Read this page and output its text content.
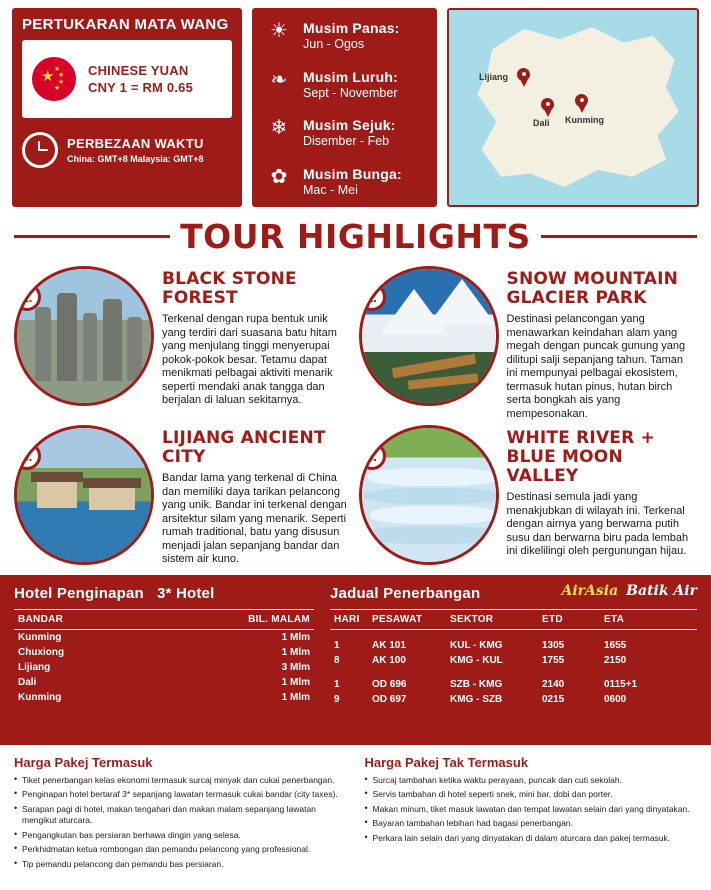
PERTUKARAN MATA WANG
★ ★
★
★
★
CHINESE YUAN
CNY 1 = RM 0.65
PERBEZAAN WAKTU
China: GMT+8 Malaysia: GMT+8
☀ Musim Panas:
Jun - Ogos
❧	Musim Luruh:
Sept - November
❄	Musim Sejuk:
Disember - Feb
✿	Musim Bunga:
Mac - Mei
Lijiang
Dali Kunming
TOUR HIGHLIGHTS
1.
BLACK STONE FOREST
Terkenal dengan rupa bentuk unik yang terdiri dari suasana batu hitam yang menjulang tinggi menyerupai pokok-pokok besar. Tetamu dapat menikmati pelbagai aktiviti menarik seperti mendaki anak tangga dan berjalan di laluan sekitarnya.
2.
SNOW MOUNTAIN GLACIER PARK
Destinasi pelancongan yang menawarkan keindahan alam yang megah dengan puncak gunung yang dilitupi salji sepanjang tahun. Taman ini mempunyai pelbagai ekosistem, termasuk hutan pinus, hutan birch serta bongkah ais yang mempesonakan.
3.
LIJIANG ANCIENT CITY
Bandar lama yang terkenal di China dan memiliki daya tarikan pelancong yang unik. Bandar ini terkenal dengan arsitektur silam yang menarik. Seperti rumah traditional, batu yang disusun menjadi jalan sepanjang bandar dan sistem air kuno.
4.
WHITE RIVER + BLUE MOON VALLEY
Destinasi semula jadi yang menakjubkan di wilayah ini. Terkenal dengan airnya yang berwarna putih susu dan berwarna biru pada lembah ini dikelilingi oleh pergunungan hijau.
Hotel Penginapan 3* Hotel
BANDAR	BIL. MALAM
Kunming	1 Mlm
Chuxiong	1 Mlm
Lijiang	3 Mlm
Dali	1 Mlm
Kunming	1 Mlm
Jadual Penerbangan	AirAsia Batik Air
HARI	PESAWAT	SEKTOR	ETD	ETA

1	AK 101	KUL - KMG	1305	1655
8	AK 100	KMG - KUL	1755	2150

1	OD 696	SZB - KMG	2140	0115+1
9	OD 697	KMG - SZB	0215	0600
Harga Pakej Termasuk
• Tiket penerbangan kelas ekonomi termasuk surcaj minyak dan cukai penerbangan.
• Penginapan hotel bertaraf 3* sepanjang lawatan termasuk cukai bandar (city taxes).
• Sarapan pagi di hotel, makan tengahari dan makan malam sepanjang lawatan mengikut aturcara.
• Pengangkutan bas persiaran berhawa dingin yang selesa.
• Perkhidmatan ketua rombongan dan pemandu pelancong yang professional.
• Tip pemandu pelancong dan pemandu bas persiaran.
Harga Pakej Tak Termasuk
• Surcaj tambahan ketika waktu perayaan, puncak dan cuti sekolah.
• Servis tambahan di hotel seperti snek, mini bar, dobi dan porter.
• Makan minum, tiket masuk lawatan dan tempat lawatan selain dari yang dinyatakan.
• Bayaran tambahan lebihan had bagasi penerbangan.
• Perkara lain selain dari yang dinyatakan di dalam aturcara dan pakej termasuk.
